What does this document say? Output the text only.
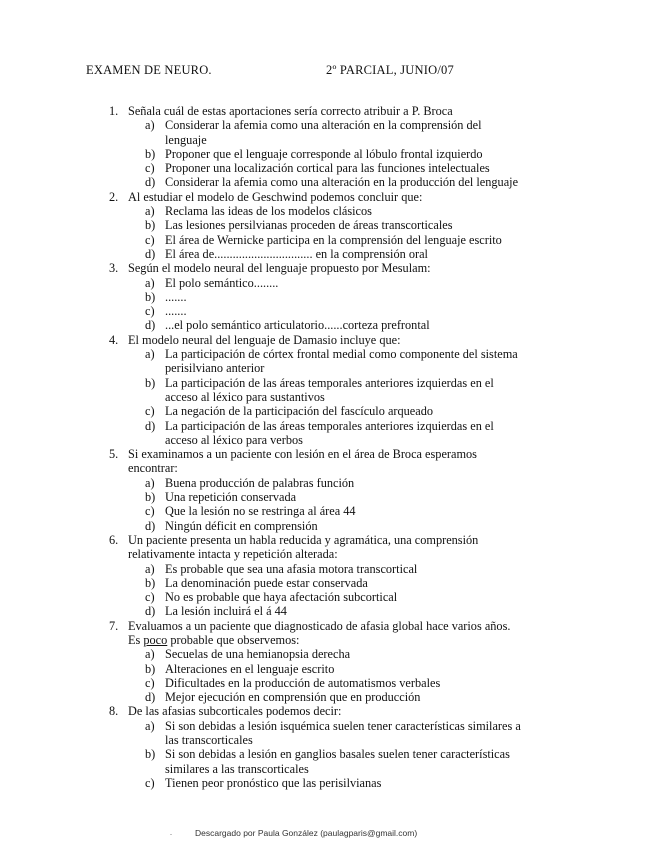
EXAMEN DE NEURO.	2º PARCIAL, JUNIO/07
1. Señala cuál de estas aportaciones sería correcto atribuir a P. Broca
a) Considerar la afemia como una alteración en la comprensión del lenguaje
b) Proponer que el lenguaje corresponde al lóbulo frontal izquierdo
c) Proponer una localización cortical para las funciones intelectuales
d) Considerar la afemia como una alteración en la producción del lenguaje
2. Al estudiar el modelo de Geschwind podemos concluir que:
a) Reclama las ideas de los modelos clásicos
b) Las lesiones persilvianas proceden de áreas transcorticales
c) El área de Wernicke participa en la comprensión del lenguaje escrito
d) El área de................................ en la comprensión oral
3. Según el modelo neural del lenguaje propuesto por Mesulam:
a) El polo semántico........
b) .......
c) .......
d) ...el polo semántico articulatorio......corteza prefrontal
4. El modelo neural del lenguaje de Damasio incluye que:
a) La participación de córtex frontal medial como componente del sistema perisilviano anterior
b) La participación de las áreas temporales anteriores izquierdas en el acceso al léxico para sustantivos
c) La negación de la participación del fascículo arqueado
d) La participación de las áreas temporales anteriores izquierdas en el acceso al léxico para verbos
5. Si examinamos a un paciente con lesión en el área de Broca esperamos encontrar:
a) Buena producción de palabras función
b) Una repetición conservada
c) Que la lesión no se restringa al área 44
d) Ningún déficit en comprensión
6. Un paciente presenta un habla reducida y agramática, una comprensión relativamente intacta y repetición alterada:
a) Es probable que sea una afasia motora transcortical
b) La denominación puede estar conservada
c) No es probable que haya afectación subcortical
d) La lesión incluirá el á 44
7. Evaluamos a un paciente que diagnosticado de afasia global hace varios años. Es poco probable que observemos:
a) Secuelas de una hemianopsia derecha
b) Alteraciones en el lenguaje escrito
c) Dificultades en la producción de automatismos verbales
d) Mejor ejecución en comprensión que en producción
8. De las afasias subcorticales podemos decir:
a) Si son debidas a lesión isquémica suelen tener características similares a las transcorticales
b) Si son debidas a lesión en ganglios basales suelen tener características similares a las transcorticales
c) Tienen peor pronóstico que las perisilvianas
.	Descargado por Paula González (paulagparis@gmail.com)
